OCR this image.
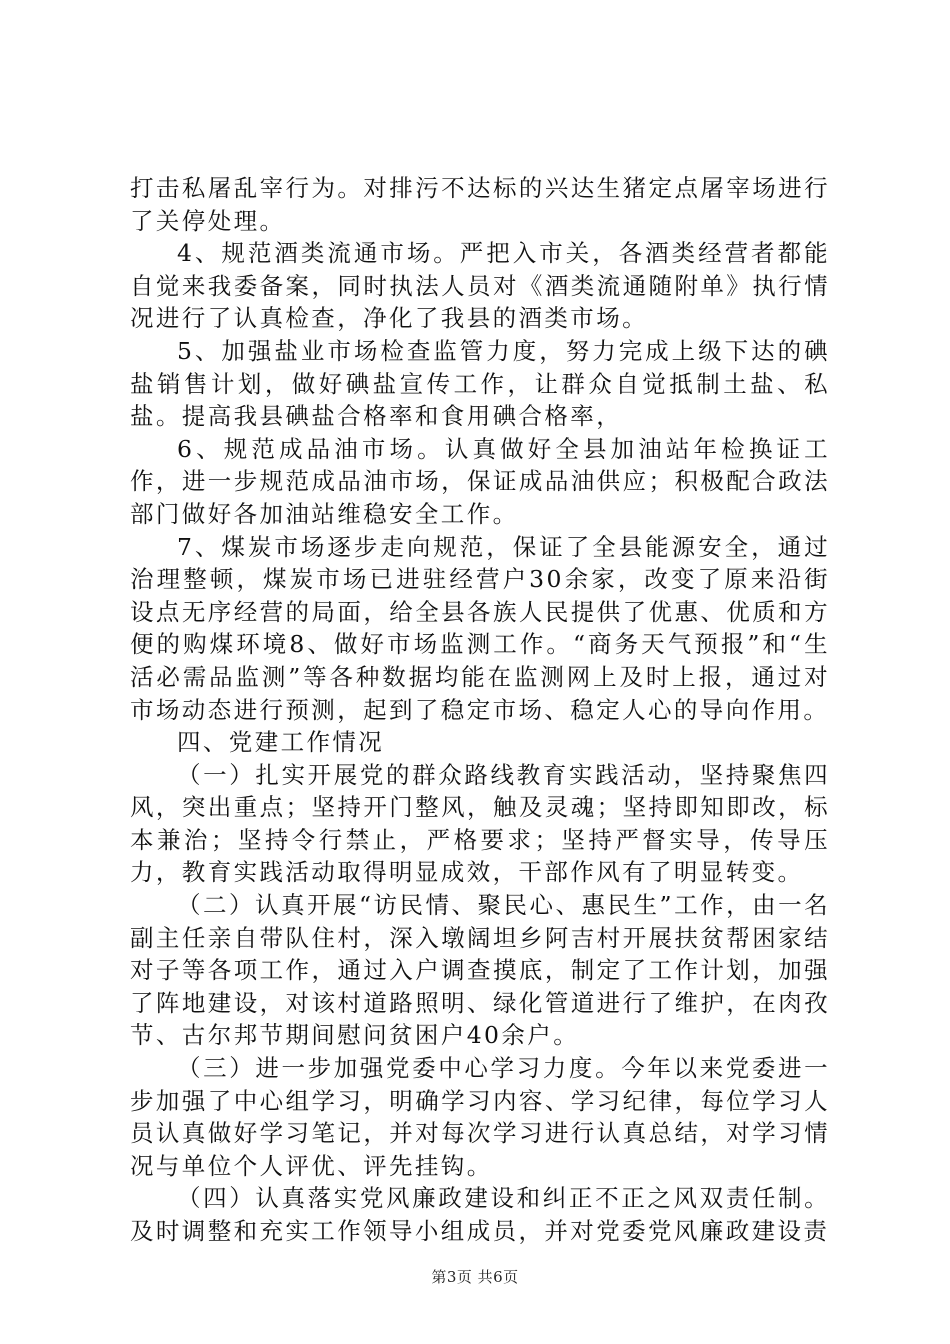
打击私屠乱宰行为。对排污不达标的兴达生猪定点屠宰场进行了关停处理。

4、规范酒类流通市场。严把入市关，各酒类经营者都能自觉来我委备案，同时执法人员对《酒类流通随附单》执行情况进行了认真检查，净化了我县的酒类市场。

5、加强盐业市场检查监管力度，努力完成上级下达的碘盐销售计划，做好碘盐宣传工作，让群众自觉抵制土盐、私盐。提高我县碘盐合格率和食用碘合格率，

6、规范成品油市场。认真做好全县加油站年检换证工作，进一步规范成品油市场，保证成品油供应；积极配合政法部门做好各加油站维稳安全工作。

7、煤炭市场逐步走向规范，保证了全县能源安全，通过治理整顿，煤炭市场已进驻经营户30余家，改变了原来沿街设点无序经营的局面，给全县各族人民提供了优惠、优质和方便的购煤环境8、做好市场监测工作。“商务天气预报”和“生活必需品监测”等各种数据均能在监测网上及时上报，通过对市场动态进行预测，起到了稳定市场、稳定人心的导向作用。

四、党建工作情况

（一）扎实开展党的群众路线教育实践活动，坚持聚焦四风，突出重点；坚持开门整风，触及灵魂；坚持即知即改，标本兼治；坚持令行禁止，严格要求；坚持严督实导，传导压力，教育实践活动取得明显成效，干部作风有了明显转变。

（二）认真开展“访民情、聚民心、惠民生”工作，由一名副主任亲自带队住村，深入墩阔坦乡阿吉村开展扶贫帮困家结对子等各项工作，通过入户调查摸底，制定了工作计划，加强了阵地建设，对该村道路照明、绿化管道进行了维护，在肉孜节、古尔邦节期间慰问贫困户40余户。

（三）进一步加强党委中心学习力度。今年以来党委进一步加强了中心组学习，明确学习内容、学习纪律，每位学习人员认真做好学习笔记，并对每次学习进行认真总结，对学习情况与单位个人评优、评先挂钩。

（四）认真落实党风廉政建设和纠正不正之风双责任制。及时调整和充实工作领导小组成员，并对党委党风廉政建设责

第3页 共6页
